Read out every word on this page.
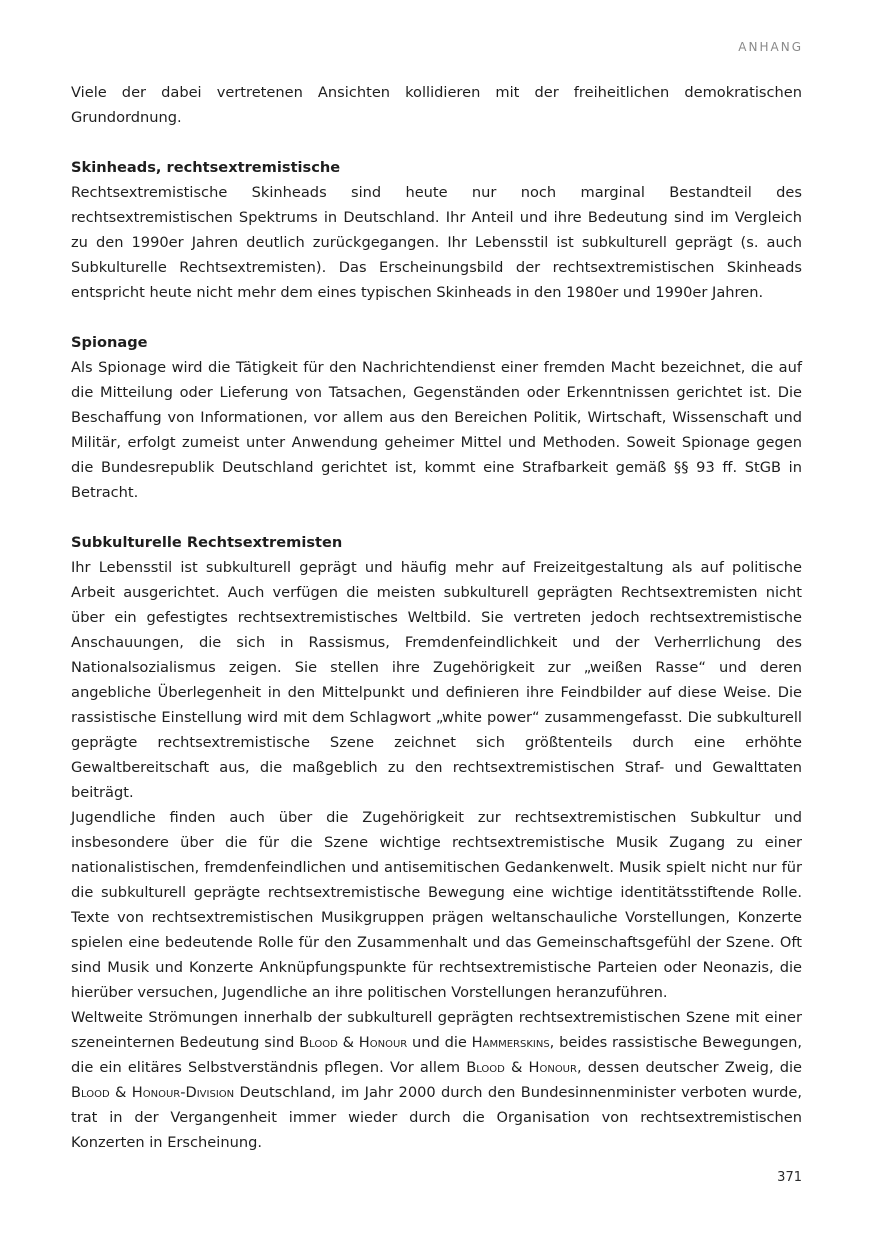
ANHANG

Viele der dabei vertretenen Ansichten kollidieren mit der freiheitlichen demokratischen Grundordnung.

Skinheads, rechtsextremistische

Rechtsextremistische Skinheads sind heute nur noch marginal Bestandteil des rechtsextremistischen Spektrums in Deutschland. Ihr Anteil und ihre Bedeutung sind im Vergleich zu den 1990er Jahren deutlich zurückgegangen. Ihr Lebensstil ist subkulturell geprägt (s. auch Subkulturelle Rechtsextremisten). Das Erscheinungsbild der rechtsextremistischen Skinheads entspricht heute nicht mehr dem eines typischen Skinheads in den 1980er und 1990er Jahren.

Spionage

Als Spionage wird die Tätigkeit für den Nachrichtendienst einer fremden Macht bezeichnet, die auf die Mitteilung oder Lieferung von Tatsachen, Gegenständen oder Erkenntnissen gerichtet ist. Die Beschaffung von Informationen, vor allem aus den Bereichen Politik, Wirtschaft, Wissenschaft und Militär, erfolgt zumeist unter Anwendung geheimer Mittel und Methoden. Soweit Spionage gegen die Bundesrepublik Deutschland gerichtet ist, kommt eine Strafbarkeit gemäß §§ 93 ff. StGB in Betracht.

Subkulturelle Rechtsextremisten

Ihr Lebensstil ist subkulturell geprägt und häufig mehr auf Freizeitgestaltung als auf politische Arbeit ausgerichtet. Auch verfügen die meisten subkulturell geprägten Rechtsextremisten nicht über ein gefestigtes rechtsextremistisches Weltbild. Sie vertreten jedoch rechtsextremistische Anschauungen, die sich in Rassismus, Fremdenfeindlichkeit und der Verherrlichung des Nationalsozialismus zeigen. Sie stellen ihre Zugehörigkeit zur „weißen Rasse“ und deren angebliche Überlegenheit in den Mittelpunkt und definieren ihre Feindbilder auf diese Weise. Die rassistische Einstellung wird mit dem Schlagwort „white power“ zusammengefasst. Die subkulturell geprägte rechtsextremistische Szene zeichnet sich größtenteils durch eine erhöhte Gewaltbereitschaft aus, die maßgeblich zu den rechtsextremistischen Straf- und Gewalttaten beiträgt.

Jugendliche finden auch über die Zugehörigkeit zur rechtsextremistischen Subkultur und insbesondere über die für die Szene wichtige rechtsextremistische Musik Zugang zu einer nationalistischen, fremdenfeindlichen und antisemitischen Gedankenwelt. Musik spielt nicht nur für die subkulturell geprägte rechtsextremistische Bewegung eine wichtige identitätsstiftende Rolle. Texte von rechtsextremistischen Musikgruppen prägen weltanschauliche Vorstellungen, Konzerte spielen eine bedeutende Rolle für den Zusammenhalt und das Gemeinschaftsgefühl der Szene. Oft sind Musik und Konzerte Anknüpfungspunkte für rechtsextremistische Parteien oder Neonazis, die hierüber versuchen, Jugendliche an ihre politischen Vorstellungen heranzuführen.

Weltweite Strömungen innerhalb der subkulturell geprägten rechtsextremistischen Szene mit einer szeneinternen Bedeutung sind Blood & Honour und die Hammerskins, beides rassistische Bewegungen, die ein elitäres Selbstverständnis pflegen. Vor allem Blood & Honour, dessen deutscher Zweig, die Blood & Honour-Division Deutschland, im Jahr 2000 durch den Bundesinnenminister verboten wurde, trat in der Vergangenheit immer wieder durch die Organisation von rechtsextremistischen Konzerten in Erscheinung.

371
